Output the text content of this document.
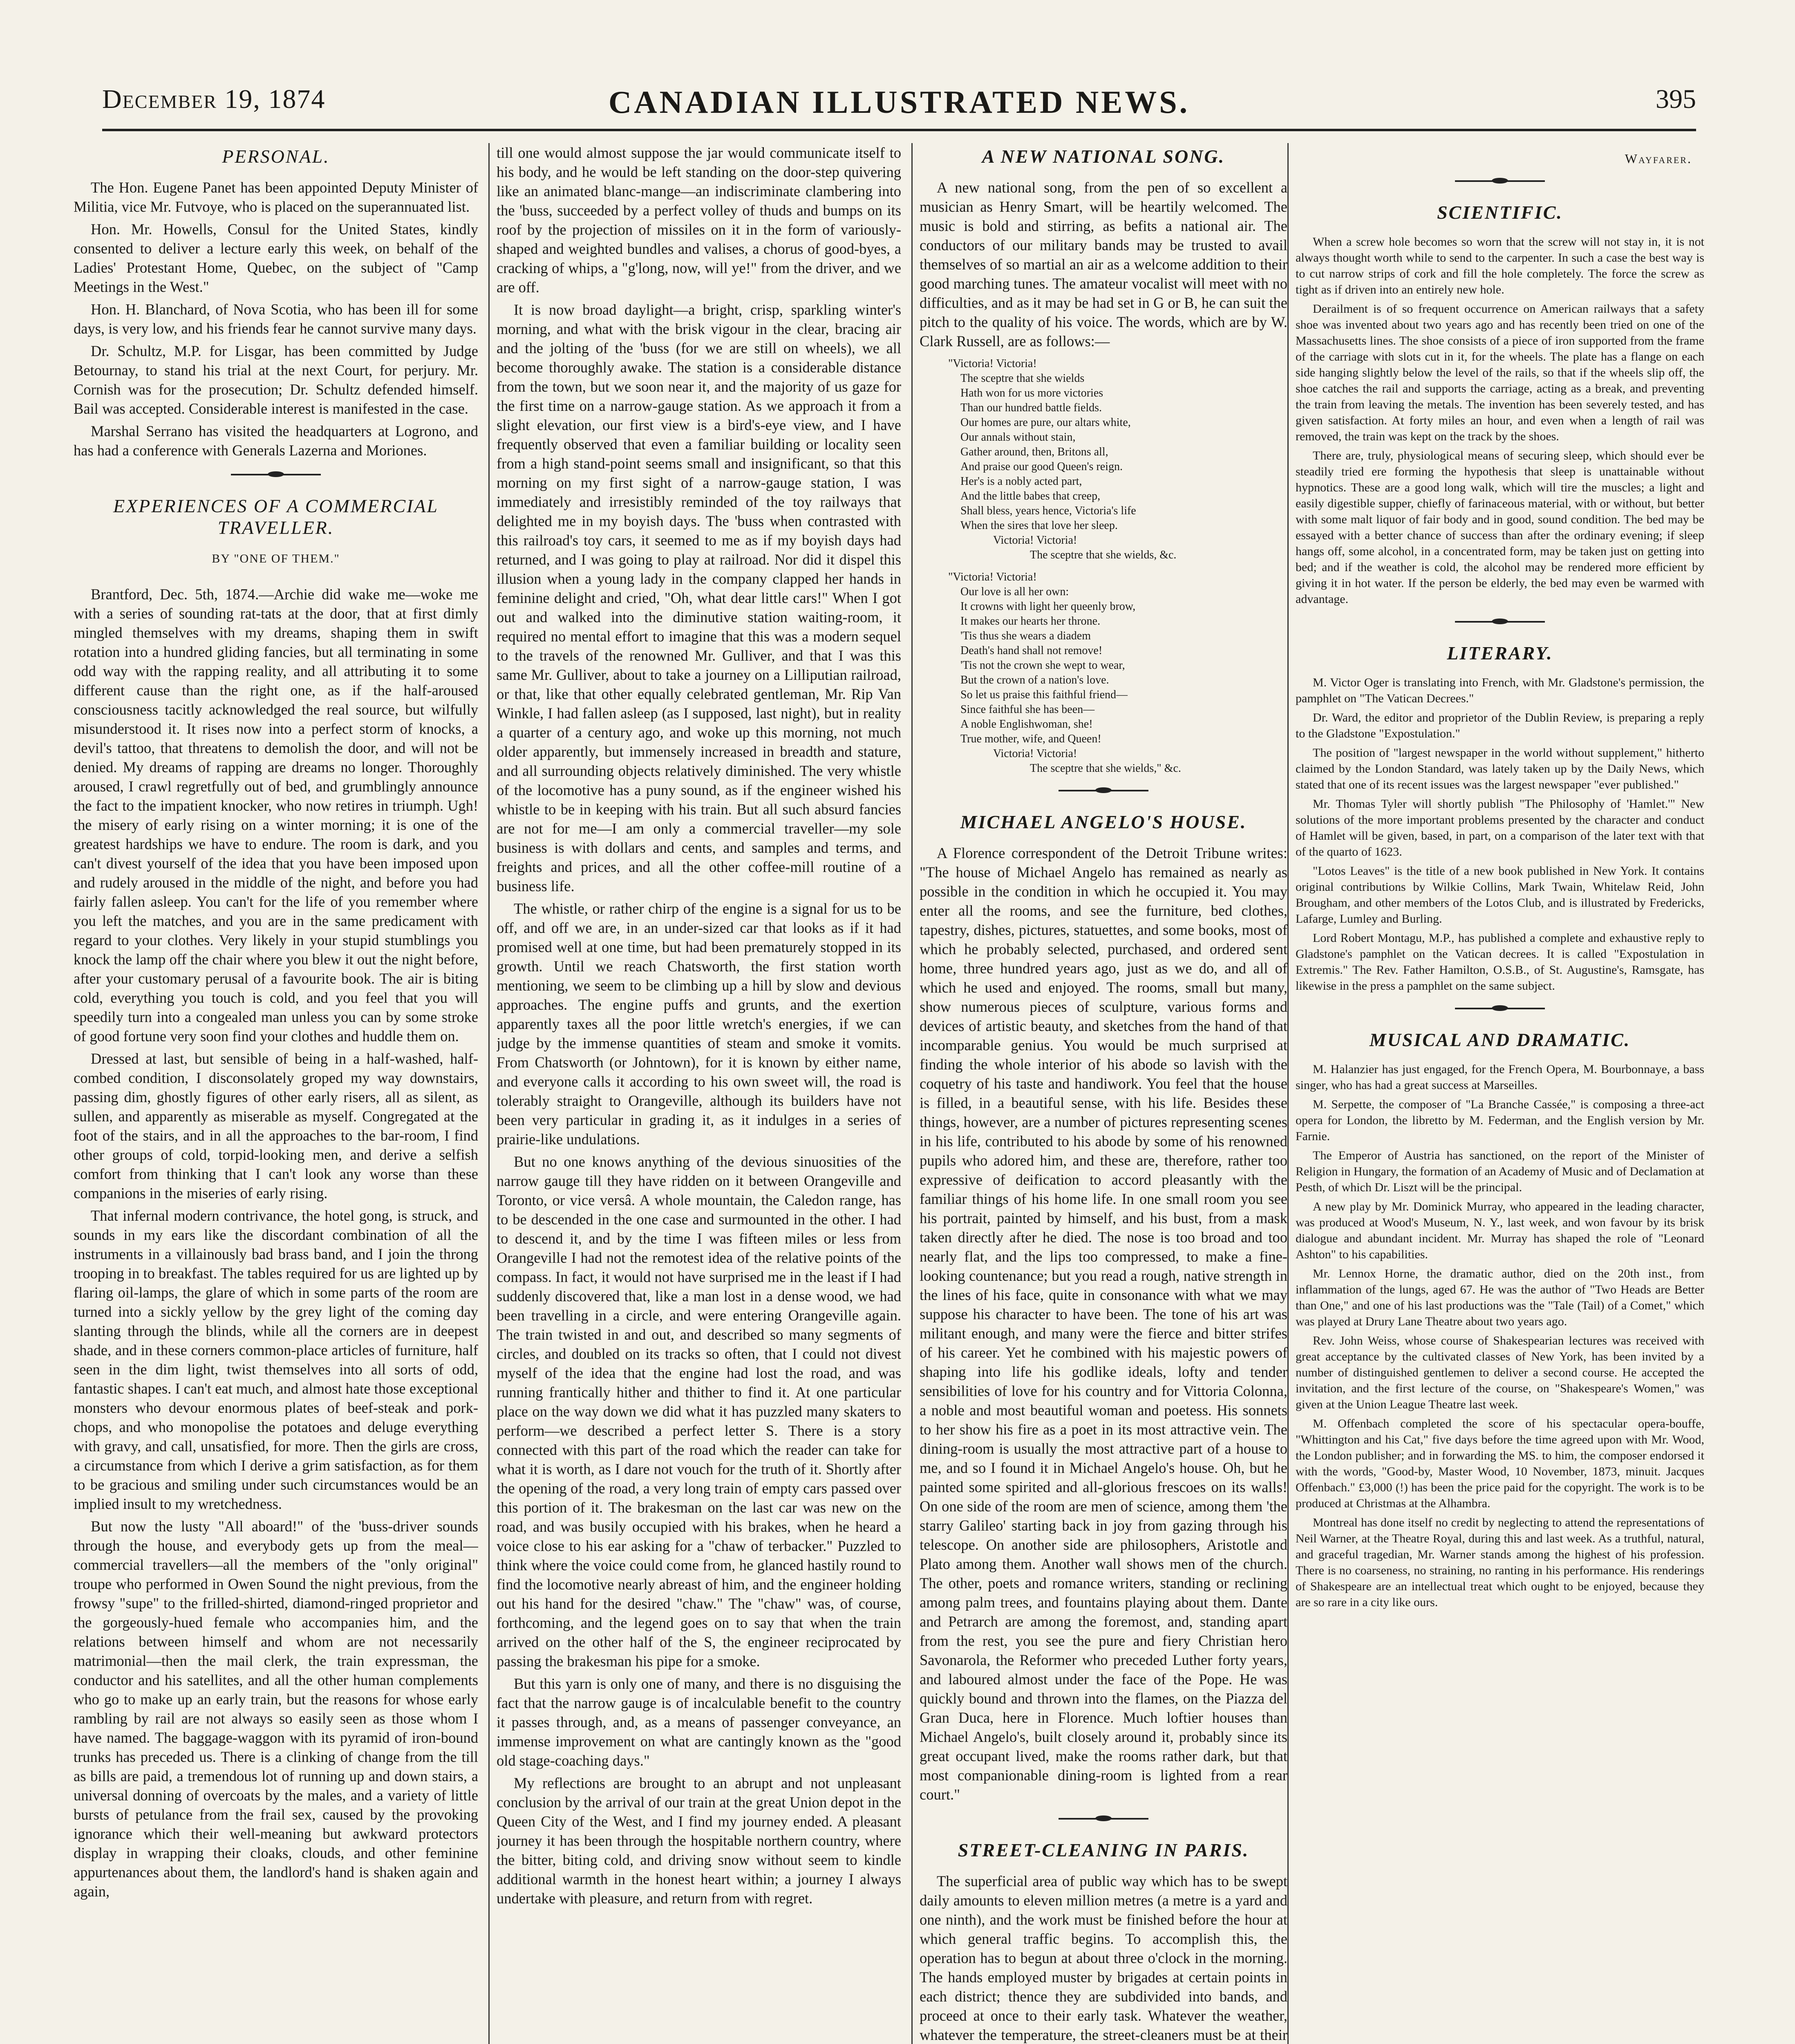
December 19, 1874	CANADIAN ILLUSTRATED NEWS.	395
PERSONAL.

The Hon. Eugene Panet has been appointed Deputy Minister of Militia, vice Mr. Futvoye, who is placed on the superannuated list.

Hon. Mr. Howells, Consul for the United States, kindly consented to deliver a lecture early this week, on behalf of the Ladies' Protestant Home, Quebec, on the subject of "Camp Meetings in the West."

Hon. H. Blanchard, of Nova Scotia, who has been ill for some days, is very low, and his friends fear he cannot survive many days.

Dr. Schultz, M.P. for Lisgar, has been committed by Judge Betournay, to stand his trial at the next Court, for perjury. Mr. Cornish was for the prosecution; Dr. Schultz defended himself. Bail was accepted. Considerable interest is manifested in the case.

Marshal Serrano has visited the headquarters at Logrono, and has had a conference with Generals Lazerna and Moriones.

EXPERIENCES OF A COMMERCIAL TRAVELLER.

BY "ONE OF THEM."

Brantford, Dec. 5th, 1874.—Archie did wake me—woke me with a series of sounding rat-tats at the door, that at first dimly mingled themselves with my dreams, shaping them in swift rotation into a hundred gliding fancies, but all terminating in some odd way with the rapping reality, and all attributing it to some different cause than the right one, as if the half-aroused consciousness tacitly acknowledged the real source, but wilfully misunderstood it. It rises now into a perfect storm of knocks, a devil's tattoo, that threatens to demolish the door, and will not be denied. My dreams of rapping are dreams no longer. Thoroughly aroused, I crawl regretfully out of bed, and grumblingly announce the fact to the impatient knocker, who now retires in triumph. Ugh! the misery of early rising on a winter morning; it is one of the greatest hardships we have to endure. The room is dark, and you can't divest yourself of the idea that you have been imposed upon and rudely aroused in the middle of the night, and before you had fairly fallen asleep. You can't for the life of you remember where you left the matches, and you are in the same predicament with regard to your clothes. Very likely in your stupid stumblings you knock the lamp off the chair where you blew it out the night before, after your customary perusal of a favourite book. The air is biting cold, everything you touch is cold, and you feel that you will speedily turn into a congealed man unless you can by some stroke of good fortune very soon find your clothes and huddle them on.

Dressed at last, but sensible of being in a half-washed, half-combed condition, I disconsolately groped my way downstairs, passing dim, ghostly figures of other early risers, all as silent, as sullen, and apparently as miserable as myself. Congregated at the foot of the stairs, and in all the approaches to the bar-room, I find other groups of cold, torpid-looking men, and derive a selfish comfort from thinking that I can't look any worse than these companions in the miseries of early rising.

That infernal modern contrivance, the hotel gong, is struck, and sounds in my ears like the discordant combination of all the instruments in a villainously bad brass band, and I join the throng trooping in to breakfast. The tables required for us are lighted up by flaring oil-lamps, the glare of which in some parts of the room are turned into a sickly yellow by the grey light of the coming day slanting through the blinds, while all the corners are in deepest shade, and in these corners common-place articles of furniture, half seen in the dim light, twist themselves into all sorts of odd, fantastic shapes. I can't eat much, and almost hate those exceptional monsters who devour enormous plates of beef-steak and pork-chops, and who monopolise the potatoes and deluge everything with gravy, and call, unsatisfied, for more. Then the girls are cross, a circumstance from which I derive a grim satisfaction, as for them to be gracious and smiling under such circumstances would be an implied insult to my wretchedness.

But now the lusty "All aboard!" of the 'buss-driver sounds through the house, and everybody gets up from the meal—commercial travellers—all the members of the "only original" troupe who performed in Owen Sound the night previous, from the frowsy "supe" to the frilled-shirted, diamond-ringed proprietor and the gorgeously-hued female who accompanies him, and the relations between himself and whom are not necessarily matrimonial—then the mail clerk, the train expressman, the conductor and his satellites, and all the other human complements who go to make up an early train, but the reasons for whose early rambling by rail are not always so easily seen as those whom I have named. The baggage-waggon with its pyramid of iron-bound trunks has preceded us. There is a clinking of change from the till as bills are paid, a tremendous lot of running up and down stairs, a universal donning of overcoats by the males, and a variety of little bursts of petulance from the frail sex, caused by the provoking ignorance which their well-meaning but awkward protectors display in wrapping their cloaks, clouds, and other feminine appurtenances about them, the landlord's hand is shaken again and again,

till one would almost suppose the jar would communicate itself to his body, and he would be left standing on the door-step quivering like an animated blanc-mange—an indiscriminate clambering into the 'buss, succeeded by a perfect volley of thuds and bumps on its roof by the projection of missiles on it in the form of variously-shaped and weighted bundles and valises, a chorus of good-byes, a cracking of whips, a "g'long, now, will ye!" from the driver, and we are off.

It is now broad daylight—a bright, crisp, sparkling winter's morning, and what with the brisk vigour in the clear, bracing air and the jolting of the 'buss (for we are still on wheels), we all become thoroughly awake. The station is a considerable distance from the town, but we soon near it, and the majority of us gaze for the first time on a narrow-gauge station. As we approach it from a slight elevation, our first view is a bird's-eye view, and I have frequently observed that even a familiar building or locality seen from a high stand-point seems small and insignificant, so that this morning on my first sight of a narrow-gauge station, I was immediately and irresistibly reminded of the toy railways that delighted me in my boyish days. The 'buss when contrasted with this railroad's toy cars, it seemed to me as if my boyish days had returned, and I was going to play at railroad. Nor did it dispel this illusion when a young lady in the company clapped her hands in feminine delight and cried, "Oh, what dear little cars!" When I got out and walked into the diminutive station waiting-room, it required no mental effort to imagine that this was a modern sequel to the travels of the renowned Mr. Gulliver, and that I was this same Mr. Gulliver, about to take a journey on a Lilliputian railroad, or that, like that other equally celebrated gentleman, Mr. Rip Van Winkle, I had fallen asleep (as I supposed, last night), but in reality a quarter of a century ago, and woke up this morning, not much older apparently, but immensely increased in breadth and stature, and all surrounding objects relatively diminished. The very whistle of the locomotive has a puny sound, as if the engineer wished his whistle to be in keeping with his train. But all such absurd fancies are not for me—I am only a commercial traveller—my sole business is with dollars and cents, and samples and terms, and freights and prices, and all the other coffee-mill routine of a business life.

The whistle, or rather chirp of the engine is a signal for us to be off, and off we are, in an under-sized car that looks as if it had promised well at one time, but had been prematurely stopped in its growth. Until we reach Chatsworth, the first station worth mentioning, we seem to be climbing up a hill by slow and devious approaches. The engine puffs and grunts, and the exertion apparently taxes all the poor little wretch's energies, if we can judge by the immense quantities of steam and smoke it vomits. From Chatsworth (or Johntown), for it is known by either name, and everyone calls it according to his own sweet will, the road is tolerably straight to Orangeville, although its builders have not been very particular in grading it, as it indulges in a series of prairie-like undulations.

But no one knows anything of the devious sinuosities of the narrow gauge till they have ridden on it between Orangeville and Toronto, or vice versâ. A whole mountain, the Caledon range, has to be descended in the one case and surmounted in the other. I had to descend it, and by the time I was fifteen miles or less from Orangeville I had not the remotest idea of the relative points of the compass. In fact, it would not have surprised me in the least if I had suddenly discovered that, like a man lost in a dense wood, we had been travelling in a circle, and were entering Orangeville again. The train twisted in and out, and described so many segments of circles, and doubled on its tracks so often, that I could not divest myself of the idea that the engine had lost the road, and was running frantically hither and thither to find it. At one particular place on the way down we did what it has puzzled many skaters to perform—we described a perfect letter S. There is a story connected with this part of the road which the reader can take for what it is worth, as I dare not vouch for the truth of it. Shortly after the opening of the road, a very long train of empty cars passed over this portion of it. The brakesman on the last car was new on the road, and was busily occupied with his brakes, when he heard a voice close to his ear asking for a "chaw of terbacker." Puzzled to think where the voice could come from, he glanced hastily round to find the locomotive nearly abreast of him, and the engineer holding out his hand for the desired "chaw." The "chaw" was, of course, forthcoming, and the legend goes on to say that when the train arrived on the other half of the S, the engineer reciprocated by passing the brakesman his pipe for a smoke.

But this yarn is only one of many, and there is no disguising the fact that the narrow gauge is of incalculable benefit to the country it passes through, and, as a means of passenger conveyance, an immense improvement on what are cantingly known as the "good old stage-coaching days."

My reflections are brought to an abrupt and not unpleasant conclusion by the arrival of our train at the great Union depot in the Queen City of the West, and I find my journey ended. A pleasant journey it has been through the hospitable northern country, where the bitter, biting cold, and driving snow without seem to kindle additional warmth in the honest heart within; a journey I always undertake with pleasure, and return from with regret.

A NEW NATIONAL SONG.

A new national song, from the pen of so excellent a musician as Henry Smart, will be heartily welcomed. The music is bold and stirring, as befits a national air. The conductors of our military bands may be trusted to avail themselves of so martial an air as a welcome addition to their good marching tunes. The amateur vocalist will meet with no difficulties, and as it may be had set in G or B, he can suit the pitch to the quality of his voice. The words, which are by W. Clark Russell, are as follows:—

"Victoria! Victoria!
The sceptre that she wields
Hath won for us more victories
Than our hundred battle fields.
Our homes are pure, our altars white,
Our annals without stain,
Gather around, then, Britons all,
And praise our good Queen's reign.
Her's is a nobly acted part,
And the little babes that creep,
Shall bless, years hence, Victoria's life
When the sires that love her sleep.
Victoria! Victoria!
The sceptre that she wields, &c.
"Victoria! Victoria!
Our love is all her own:
It crowns with light her queenly brow,
It makes our hearts her throne.
'Tis thus she wears a diadem
Death's hand shall not remove!
'Tis not the crown she wept to wear,
But the crown of a nation's love.
So let us praise this faithful friend—
Since faithful she has been—
A noble Englishwoman, she!
True mother, wife, and Queen!
Victoria! Victoria!
The sceptre that she wields," &c.
MICHAEL ANGELO'S HOUSE.

A Florence correspondent of the Detroit Tribune writes: "The house of Michael Angelo has remained as nearly as possible in the condition in which he occupied it. You may enter all the rooms, and see the furniture, bed clothes, tapestry, dishes, pictures, statuettes, and some books, most of which he probably selected, purchased, and ordered sent home, three hundred years ago, just as we do, and all of which he used and enjoyed. The rooms, small but many, show numerous pieces of sculpture, various forms and devices of artistic beauty, and sketches from the hand of that incomparable genius. You would be much surprised at finding the whole interior of his abode so lavish with the coquetry of his taste and handiwork. You feel that the house is filled, in a beautiful sense, with his life. Besides these things, however, are a number of pictures representing scenes in his life, contributed to his abode by some of his renowned pupils who adored him, and these are, therefore, rather too expressive of deification to accord pleasantly with the familiar things of his home life. In one small room you see his portrait, painted by himself, and his bust, from a mask taken directly after he died. The nose is too broad and too nearly flat, and the lips too compressed, to make a fine-looking countenance; but you read a rough, native strength in the lines of his face, quite in consonance with what we may suppose his character to have been. The tone of his art was militant enough, and many were the fierce and bitter strifes of his career. Yet he combined with his majestic powers of shaping into life his godlike ideals, lofty and tender sensibilities of love for his country and for Vittoria Colonna, a noble and most beautiful woman and poetess. His sonnets to her show his fire as a poet in its most attractive vein. The dining-room is usually the most attractive part of a house to me, and so I found it in Michael Angelo's house. Oh, but he painted some spirited and all-glorious frescoes on its walls! On one side of the room are men of science, among them 'the starry Galileo' starting back in joy from gazing through his telescope. On another side are philosophers, Aristotle and Plato among them. Another wall shows men of the church. The other, poets and romance writers, standing or reclining among palm trees, and fountains playing about them. Dante and Petrarch are among the foremost, and, standing apart from the rest, you see the pure and fiery Christian hero Savonarola, the Reformer who preceded Luther forty years, and laboured almost under the face of the Pope. He was quickly bound and thrown into the flames, on the Piazza del Gran Duca, here in Florence. Much loftier houses than Michael Angelo's, built closely around it, probably since its great occupant lived, make the rooms rather dark, but that most companionable dining-room is lighted from a rear court."

STREET-CLEANING IN PARIS.

The superficial area of public way which has to be swept daily amounts to eleven million metres (a metre is a yard and one ninth), and the work must be finished before the hour at which general traffic begins. To accomplish this, the operation has to begun at about three o'clock in the morning. The hands employed muster by brigades at certain points in each district; thence they are subdivided into bands, and proceed at once to their early task. Whatever the weather, whatever the temperature, the street-cleaners must be at their

Wayfarer.
SCIENTIFIC.

When a screw hole becomes so worn that the screw will not stay in, it is not always thought worth while to send to the carpenter. In such a case the best way is to cut narrow strips of cork and fill the hole completely. The force the screw as tight as if driven into an entirely new hole.

Derailment is of so frequent occurrence on American railways that a safety shoe was invented about two years ago and has recently been tried on one of the Massachusetts lines. The shoe consists of a piece of iron supported from the frame of the carriage with slots cut in it, for the wheels. The plate has a flange on each side hanging slightly below the level of the rails, so that if the wheels slip off, the shoe catches the rail and supports the carriage, acting as a break, and preventing the train from leaving the metals. The invention has been severely tested, and has given satisfaction. At forty miles an hour, and even when a length of rail was removed, the train was kept on the track by the shoes.

There are, truly, physiological means of securing sleep, which should ever be steadily tried ere forming the hypothesis that sleep is unattainable without hypnotics. These are a good long walk, which will tire the muscles; a light and easily digestible supper, chiefly of farinaceous material, with or without, but better with some malt liquor of fair body and in good, sound condition. The bed may be essayed with a better chance of success than after the ordinary evening; if sleep hangs off, some alcohol, in a concentrated form, may be taken just on getting into bed; and if the weather is cold, the alcohol may be rendered more efficient by giving it in hot water. If the person be elderly, the bed may even be warmed with advantage.

LITERARY.

M. Victor Oger is translating into French, with Mr. Gladstone's permission, the pamphlet on "The Vatican Decrees."

Dr. Ward, the editor and proprietor of the Dublin Review, is preparing a reply to the Gladstone "Expostulation."

The position of "largest newspaper in the world without supplement," hitherto claimed by the London Standard, was lately taken up by the Daily News, which stated that one of its recent issues was the largest newspaper "ever published."

Mr. Thomas Tyler will shortly publish "The Philosophy of 'Hamlet.'" New solutions of the more important problems presented by the character and conduct of Hamlet will be given, based, in part, on a comparison of the later text with that of the quarto of 1623.

"Lotos Leaves" is the title of a new book published in New York. It contains original contributions by Wilkie Collins, Mark Twain, Whitelaw Reid, John Brougham, and other members of the Lotos Club, and is illustrated by Fredericks, Lafarge, Lumley and Burling.

Lord Robert Montagu, M.P., has published a complete and exhaustive reply to Gladstone's pamphlet on the Vatican decrees. It is called "Expostulation in Extremis." The Rev. Father Hamilton, O.S.B., of St. Augustine's, Ramsgate, has likewise in the press a pamphlet on the same subject.

MUSICAL AND DRAMATIC.

M. Halanzier has just engaged, for the French Opera, M. Bourbonnaye, a bass singer, who has had a great success at Marseilles.

M. Serpette, the composer of "La Branche Cassée," is composing a three-act opera for London, the libretto by M. Federman, and the English version by Mr. Farnie.

The Emperor of Austria has sanctioned, on the report of the Minister of Religion in Hungary, the formation of an Academy of Music and of Declamation at Pesth, of which Dr. Liszt will be the principal.

A new play by Mr. Dominick Murray, who appeared in the leading character, was produced at Wood's Museum, N. Y., last week, and won favour by its brisk dialogue and abundant incident. Mr. Murray has shaped the role of "Leonard Ashton" to his capabilities.

Mr. Lennox Horne, the dramatic author, died on the 20th inst., from inflammation of the lungs, aged 67. He was the author of "Two Heads are Better than One," and one of his last productions was the "Tale (Tail) of a Comet," which was played at Drury Lane Theatre about two years ago.

Rev. John Weiss, whose course of Shakespearian lectures was received with great acceptance by the cultivated classes of New York, has been invited by a number of distinguished gentlemen to deliver a second course. He accepted the invitation, and the first lecture of the course, on "Shakespeare's Women," was given at the Union League Theatre last week.

M. Offenbach completed the score of his spectacular opera-bouffe, "Whittington and his Cat," five days before the time agreed upon with Mr. Wood, the London publisher; and in forwarding the MS. to him, the composer endorsed it with the words, "Good-by, Master Wood, 10 November, 1873, minuit. Jacques Offenbach." £3,000 (!) has been the price paid for the copyright. The work is to be produced at Christmas at the Alhambra.

Montreal has done itself no credit by neglecting to attend the representations of Neil Warner, at the Theatre Royal, during this and last week. As a truthful, natural, and graceful tragedian, Mr. Warner stands among the highest of his profession. There is no coarseness, no straining, no ranting in his performance. His renderings of Shakespeare are an intellectual treat which ought to be enjoyed, because they are so rare in a city like ours.
